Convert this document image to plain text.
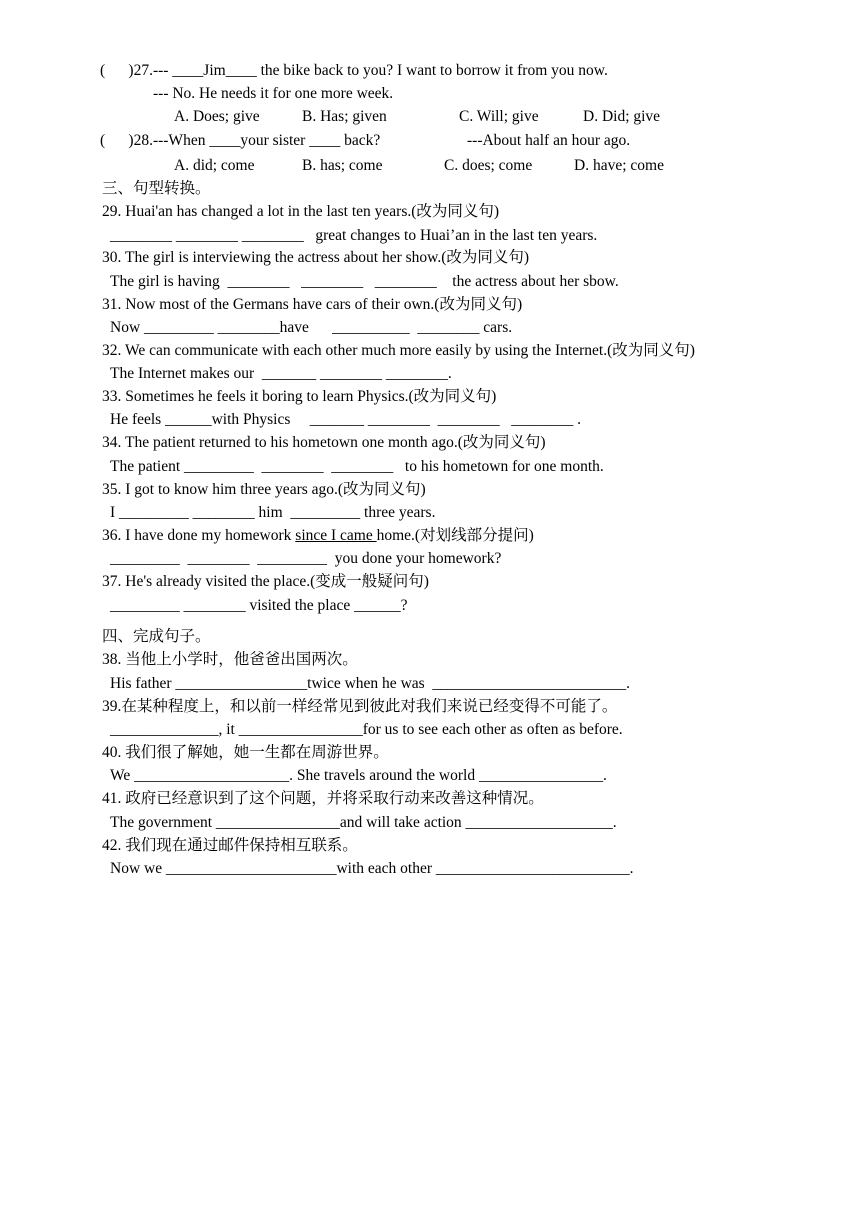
(      )27.--- ____Jim____ the bike back to you? I want to borrow it from you now.
--- No. He needs it for one more week.
A. Does; give	B. Has; given	C. Will; give	D. Did; give
(      )28.---When ____your sister ____ back?	---About half an hour ago.
A. did; come	B. has; come	C. does; come	D. have; come
三、句型转换。
29. Huai'an has changed a lot in the last ten years.(改为同义句)
________ ________ ________   great changes to Huai’an in the last ten years.
30. The girl is interviewing the actress about her show.(改为同义句)
The girl is having  ________   ________   ________    the actress about her sbow.
31. Now most of the Germans have cars of their own.(改为同义句)
Now _________ ________have      __________  ________ cars.
32. We can communicate with each other much more easily by using the Internet.(改为同义句)
The Internet makes our  _______ ________ ________.
33. Sometimes he feels it boring to learn Physics.(改为同义句)
He feels ______with Physics     _______ ________  ________   ________ .
34. The patient returned to his hometown one month ago.(改为同义句)
The patient _________  ________  ________   to his hometown for one month.
35. I got to know him three years ago.(改为同义句)
I _________ ________ him  _________ three years.
36. I have done my homework since I came home.(对划线部分提问)
_________  ________  _________  you done your homework?
37. He's already visited the place.(变成一般疑问句)
_________ ________ visited the place ______?
四、完成句子。
38. 当他上小学时，他爸爸出国两次。
His father _________________twice when he was  _________________________.
39.在某种程度上，和以前一样经常见到彼此对我们来说已经变得不可能了。
______________, it ________________for us to see each other as often as before.
40. 我们很了解她，她一生都在周游世界。
We ____________________. She travels around the world ________________.
41. 政府已经意识到了这个问题，并将采取行动来改善这种情况。
The government ________________and will take action ___________________.
42. 我们现在通过邮件保持相互联系。
Now we ______________________with each other _________________________.
